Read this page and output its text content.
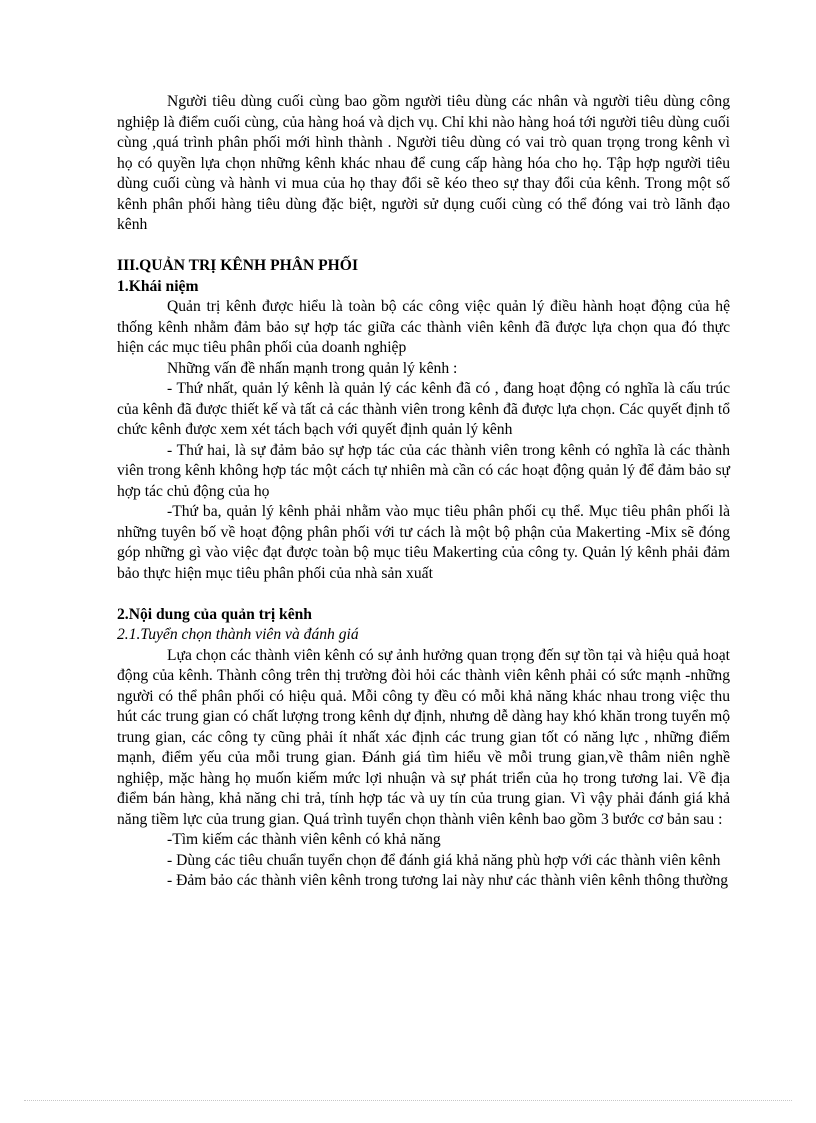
Người tiêu dùng cuối cùng bao gồm người tiêu dùng các nhân và người tiêu dùng công nghiệp là điểm cuối cùng, của hàng hoá và dịch vụ. Chỉ khi nào hàng hoá tới người tiêu dùng cuối cùng ,quá trình phân phối mới hình thành . Người tiêu dùng có vai trò quan trọng trong kênh vì họ có quyền lựa chọn những kênh khác nhau để cung cấp hàng hóa cho họ. Tập hợp người tiêu dùng cuối cùng và hành vi mua của họ thay đổi sẽ kéo theo sự thay đổi của kênh. Trong một số kênh phân phối hàng tiêu dùng đặc biệt, người sử dụng cuối cùng có thể đóng vai trò lãnh đạo kênh

III.QUẢN TRỊ KÊNH PHÂN PHỐI

1.Khái niệm

Quản trị kênh được hiểu là toàn bộ các công việc quản lý điều hành hoạt động của hệ thống kênh nhằm đảm bảo sự hợp tác giữa các thành viên kênh đã được lựa chọn qua đó thực hiện các mục tiêu phân phối của doanh nghiệp

Những vấn đề nhấn mạnh trong quản lý kênh :

- Thứ nhất, quản lý kênh là quản lý các kênh đã có , đang hoạt động có nghĩa là cấu trúc của kênh đã được thiết kế và tất cả các thành viên trong kênh đã được lựa chọn. Các quyết định tổ chức kênh được xem xét tách bạch với quyết định quản lý kênh

- Thứ hai, là sự đảm bảo sự hợp tác của các thành viên trong kênh có nghĩa là các thành viên trong kênh không hợp tác một cách tự nhiên mà cần có các hoạt động quản lý để đảm bảo sự hợp tác chủ động của họ

-Thứ ba, quản lý kênh phải nhằm vào mục tiêu phân phối cụ thể. Mục tiêu phân phối là những tuyên bố về hoạt động phân phối với tư cách là một bộ phận của Makerting -Mix sẽ đóng góp những gì vào việc đạt được toàn bộ mục tiêu Makerting của công ty. Quản lý kênh phải đảm bảo thực hiện mục tiêu phân phối của nhà sản xuất

2.Nội dung của quản trị kênh

2.1.Tuyển chọn thành viên và đánh giá

Lựa chọn các thành viên kênh có sự ảnh hưởng quan trọng đến sự tồn tại và hiệu quả hoạt động của kênh. Thành công trên thị trường đòi hỏi các thành viên kênh phải có sức mạnh -những người có thể phân phối có hiệu quả. Mỗi công ty đều có mỗi khả năng khác nhau trong việc thu hút các trung gian có chất lượng trong kênh dự định, nhưng dễ dàng hay khó khăn trong tuyển mộ trung gian, các công ty cũng phải ít nhất xác định các trung gian tốt có năng lực , những điểm mạnh, điểm yếu của mỗi trung gian. Đánh giá tìm hiểu về mỗi trung gian,về thâm niên nghề nghiệp, mặc hàng họ muốn kiếm mức lợi nhuận và sự phát triển của họ trong tương lai. Về địa điểm bán hàng, khả năng chi trả, tính hợp tác và uy tín của trung gian. Vì vậy phải đánh giá khả năng tiềm lực của trung gian. Quá trình tuyển chọn thành viên kênh bao gồm 3 bước cơ bản sau :

-Tìm kiếm các thành viên kênh có khả năng

- Dùng các tiêu chuẩn tuyển chọn để đánh giá khả năng phù hợp với các thành viên kênh

- Đảm bảo các thành viên kênh trong tương lai này như các thành viên kênh thông thường
